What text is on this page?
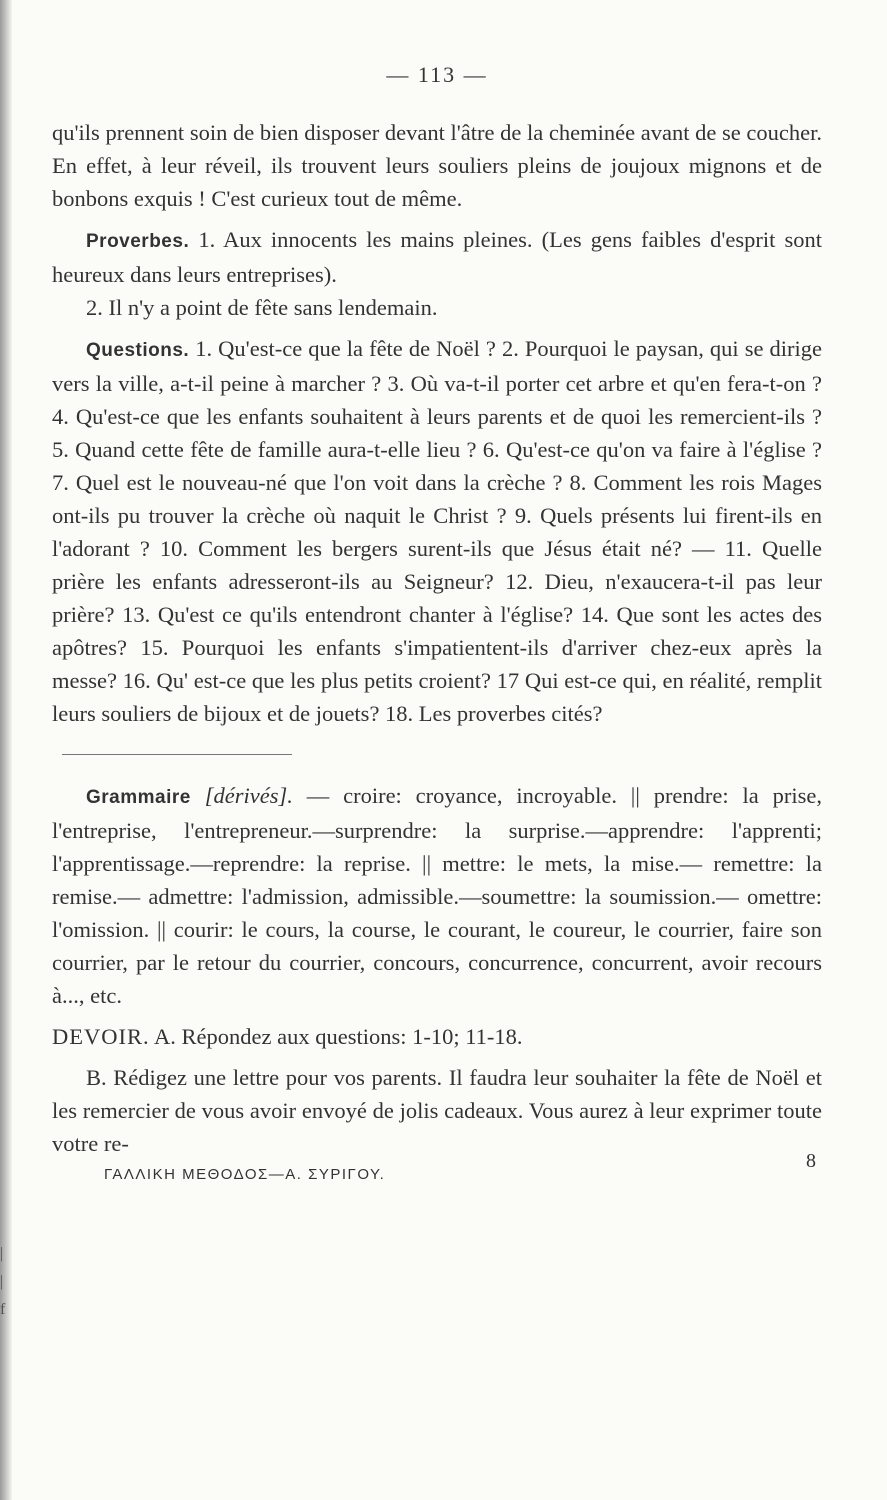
|
|
f
— 113 —

qu'ils prennent soin de bien disposer devant l'âtre de la cheminée avant de se coucher. En effet, à leur réveil, ils trouvent leurs souliers pleins de joujoux mignons et de bonbons exquis ! C'est curieux tout de même.

Proverbes. 1. Aux innocents les mains pleines. (Les gens faibles d'esprit sont heureux dans leurs entreprises).

2. Il n'y a point de fête sans lendemain.

Questions. 1. Qu'est-ce que la fête de Noël ? 2. Pourquoi le paysan, qui se dirige vers la ville, a-t-il peine à marcher ? 3. Où va-t-il porter cet arbre et qu'en fera-t-on ? 4. Qu'est-ce que les enfants souhaitent à leurs parents et de quoi les remercient-ils ? 5. Quand cette fête de famille aura-t-elle lieu ? 6. Qu'est-ce qu'on va faire à l'église ? 7. Quel est le nouveau-né que l'on voit dans la crèche ? 8. Comment les rois Mages ont-ils pu trouver la crèche où naquit le Christ ? 9. Quels présents lui firent-ils en l'adorant ? 10. Comment les bergers surent-ils que Jésus était né? — 11. Quelle prière les enfants adresseront-ils au Seigneur? 12. Dieu, n'exaucera-t-il pas leur prière? 13. Qu'est ce qu'ils entendront chanter à l'église? 14. Que sont les actes des apôtres? 15. Pourquoi les enfants s'impatientent-ils d'arriver chez-eux après la messe? 16. Qu' est-ce que les plus petits croient? 17 Qui est-ce qui, en réalité, remplit leurs souliers de bijoux et de jouets? 18. Les proverbes cités?

Grammaire [dérivés]. — croire: croyance, incroyable. || prendre: la prise, l'entreprise, l'entrepreneur.—surprendre: la surprise.—apprendre: l'apprenti; l'apprentissage.—reprendre: la reprise. || mettre: le mets, la mise.— remettre: la remise.— admettre: l'admission, admissible.—soumettre: la soumission.— omettre: l'omission. || courir: le cours, la course, le courant, le coureur, le courrier, faire son courrier, par le retour du courrier, concours, concurrence, concurrent, avoir recours à..., etc.

DEVOIR. A. Répondez aux questions: 1-10; 11-18.

B. Rédigez une lettre pour vos parents. Il faudra leur souhaiter la fête de Noël et les remercier de vous avoir envoyé de jolis cadeaux. Vous aurez à leur exprimer toute votre re-

ΓΑΛΛΙΚΗ ΜΕΘΟΔΟΣ—Α. ΣΥΡΙΓΟΥ.
8
